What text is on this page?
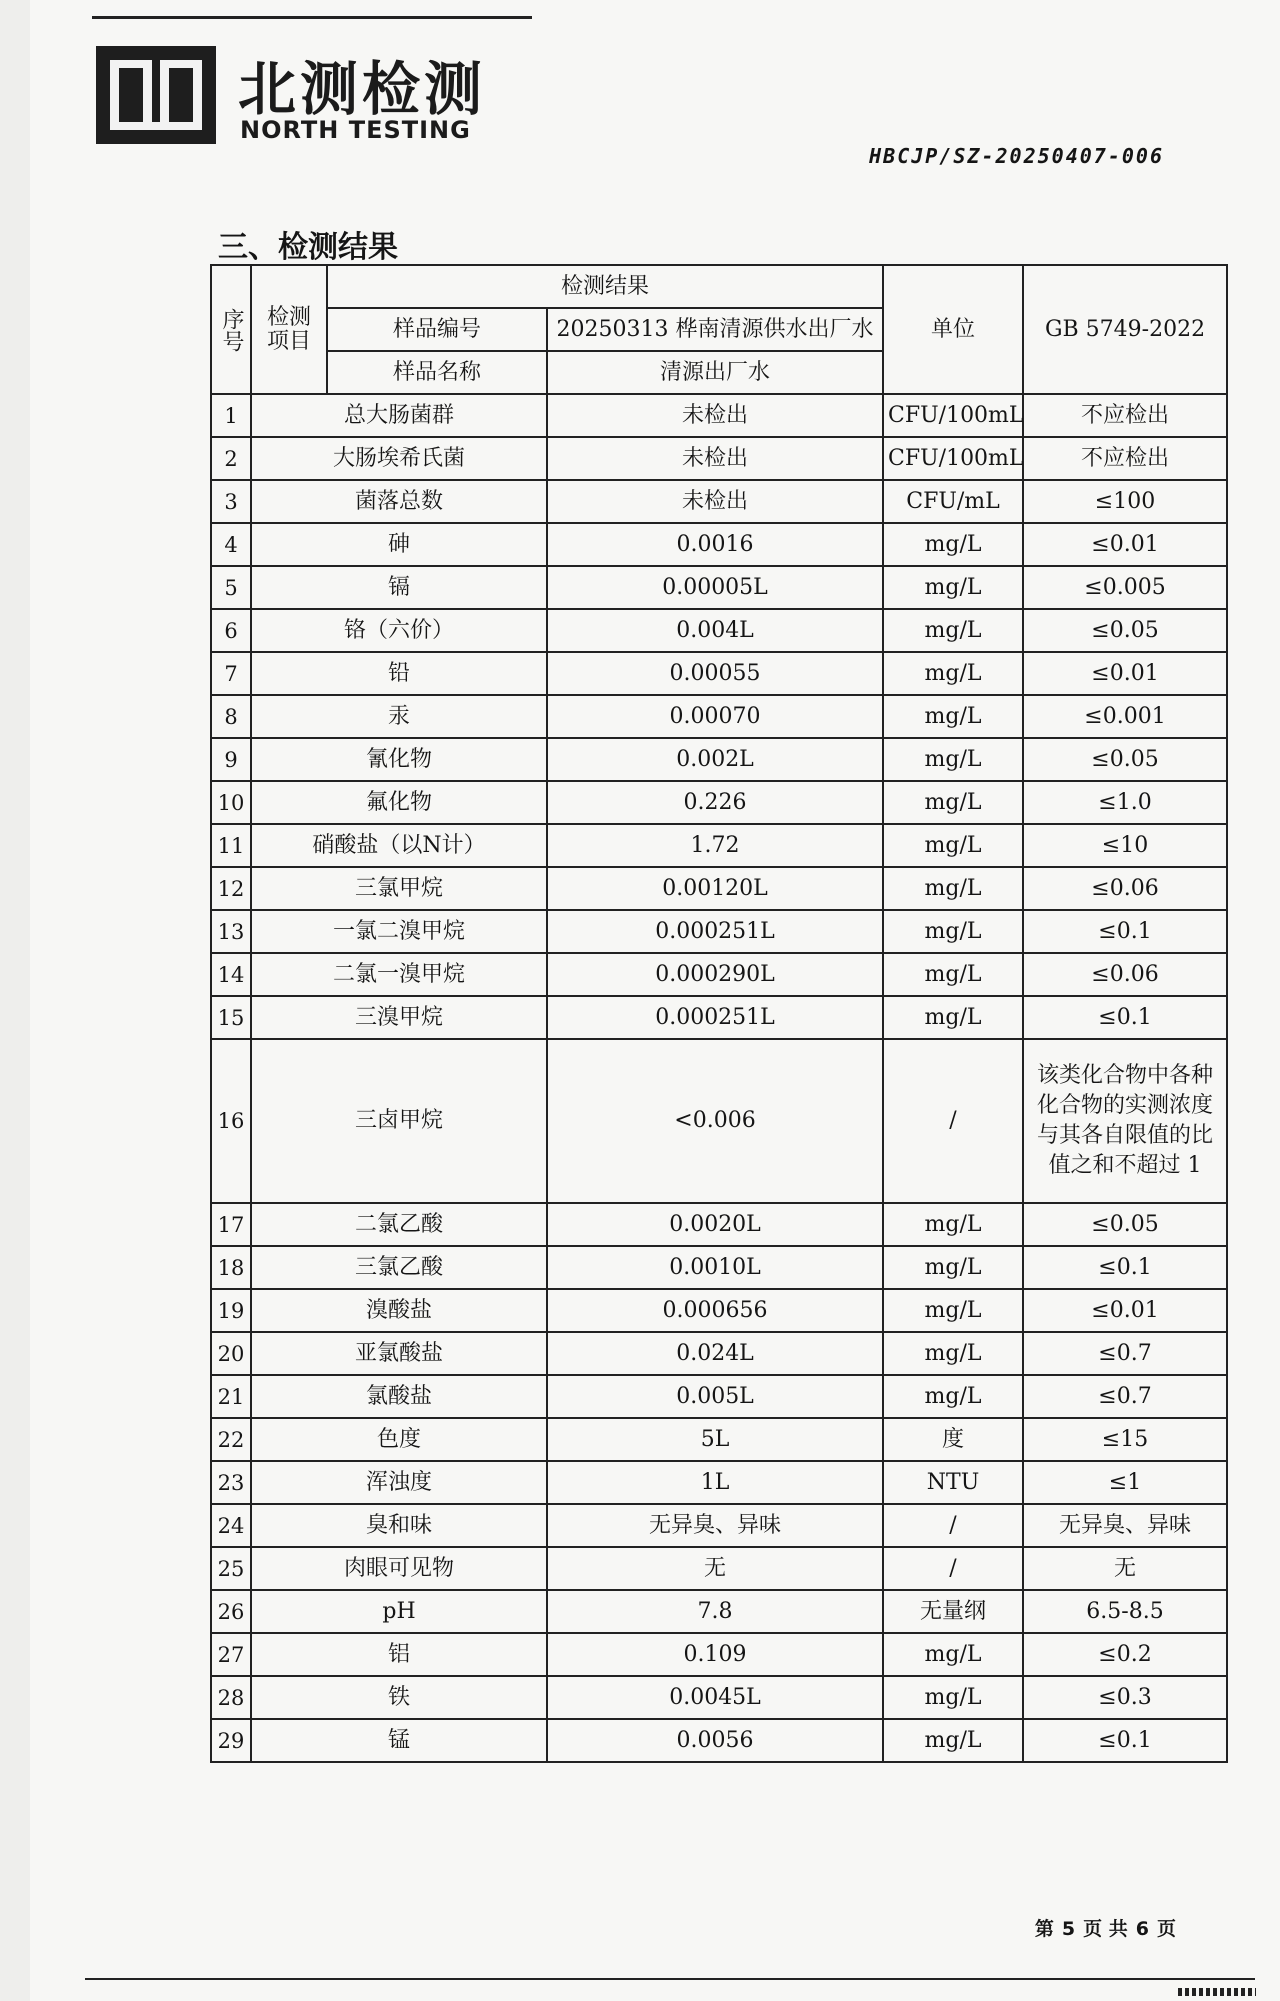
北测检测
NORTH TESTING
HBCJP/SZ-20250407-006
三、检测结果
序号	检测项目	检测结果		单位	GB 5749-2022
		样品编号	20250313 桦南清源供水出厂水		
		样品名称	清源出厂水		
1	总大肠菌群		未检出	CFU/100mL	不应检出
2	大肠埃希氏菌		未检出	CFU/100mL	不应检出
3	菌落总数		未检出	CFU/mL	≤100
4	砷		0.0016	mg/L	≤0.01
5	镉		0.00005L	mg/L	≤0.005
6	铬（六价）		0.004L	mg/L	≤0.05
7	铅		0.00055	mg/L	≤0.01
8	汞		0.00070	mg/L	≤0.001
9	氰化物		0.002L	mg/L	≤0.05
10	氟化物		0.226	mg/L	≤1.0
11	硝酸盐（以N计）		1.72	mg/L	≤10
12	三氯甲烷		0.00120L	mg/L	≤0.06
13	一氯二溴甲烷		0.000251L	mg/L	≤0.1
14	二氯一溴甲烷		0.000290L	mg/L	≤0.06
15	三溴甲烷		0.000251L	mg/L	≤0.1
16	三卤甲烷		<0.006	/	该类化合物中各种化合物的实测浓度与其各自限值的比值之和不超过 1

17	二氯乙酸		0.0020L	mg/L	≤0.05
18	三氯乙酸		0.0010L	mg/L	≤0.1
19	溴酸盐		0.000656	mg/L	≤0.01
20	亚氯酸盐		0.024L	mg/L	≤0.7
21	氯酸盐		0.005L	mg/L	≤0.7
22	色度		5L	度	≤15
23	浑浊度		1L	NTU	≤1
24	臭和味		无异臭、异味	/	无异臭、异味
25	肉眼可见物		无	/	无
26	pH		7.8	无量纲	6.5-8.5
27	铝		0.109	mg/L	≤0.2
28	铁		0.0045L	mg/L	≤0.3
29	锰		0.0056	mg/L	≤0.1
第 5 页 共 6 页
